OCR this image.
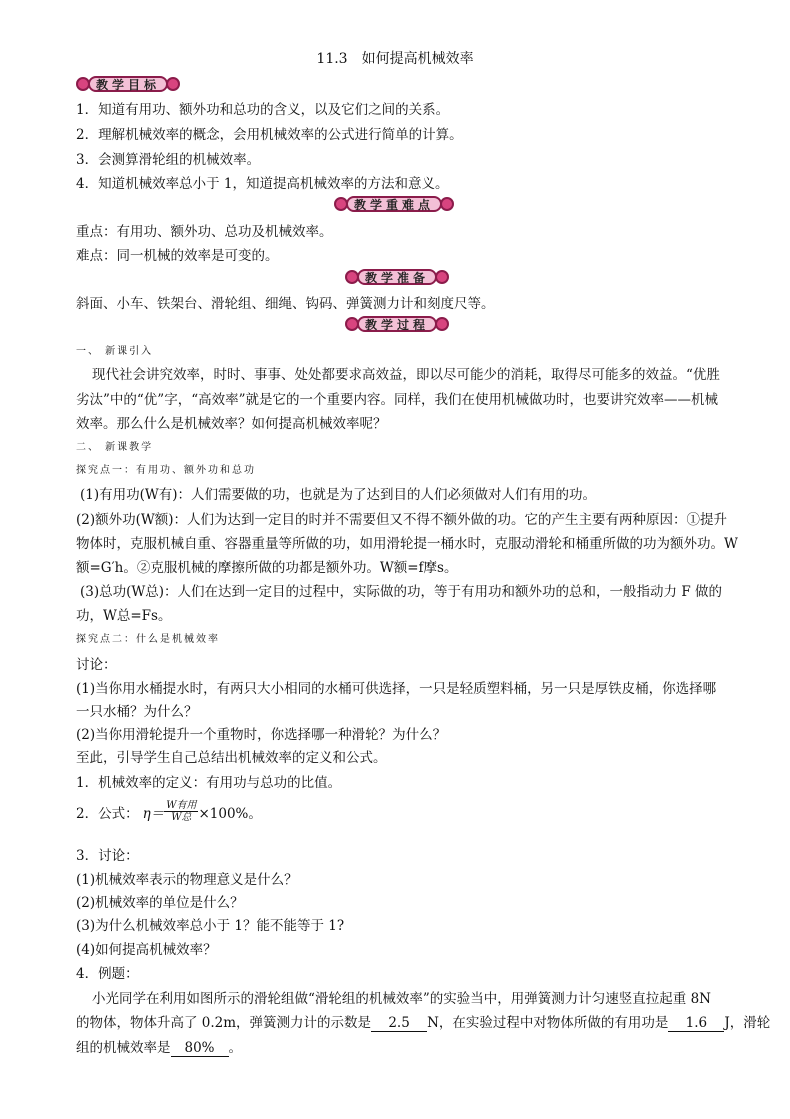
11.3　如何提高机械效率
教学目标
1．知道有用功、额外功和总功的含义，以及它们之间的关系。
2．理解机械效率的概念，会用机械效率的公式进行简单的计算。
3．会测算滑轮组的机械效率。
4．知道机械效率总小于 1，知道提高机械效率的方法和意义。
教学重难点
重点：有用功、额外功、总功及机械效率。
难点：同一机械的效率是可变的。
教学准备
斜面、小车、铁架台、滑轮组、细绳、钩码、弹簧测力计和刻度尺等。
教学过程
一、 新课引入
现代社会讲究效率，时时、事事、处处都要求高效益，即以尽可能少的消耗，取得尽可能多的效益。“优胜
劣汰”中的“优”字，“高效率”就是它的一个重要内容。同样，我们在使用机械做功时，也要讲究效率——机械
效率。那么什么是机械效率？如何提高机械效率呢？
二、 新课教学
探究点一：有用功、额外功和总功
(1)有用功(W有)：人们需要做的功，也就是为了达到目的人们必须做对人们有用的功。
(2)额外功(W额)：人们为达到一定目的时并不需要但又不得不额外做的功。它的产生主要有两种原因：①提升
物体时，克服机械自重、容器重量等所做的功，如用滑轮提一桶水时，克服动滑轮和桶重所做的功为额外功。W
额=G′h。②克服机械的摩擦所做的功都是额外功。W额=f摩s。
(3)总功(W总)：人们在达到一定目的过程中，实际做的功，等于有用功和额外功的总和，一般指动力 F 做的
功，W总=Fs。
探究点二：什么是机械效率
讨论：
(1)当你用水桶提水时，有两只大小相同的水桶可供选择，一只是轻质塑料桶，另一只是厚铁皮桶，你选择哪
一只水桶？为什么？
(2)当你用滑轮提升一个重物时，你选择哪一种滑轮？为什么？
至此，引导学生自己总结出机械效率的定义和公式。
1．机械效率的定义：有用功与总功的比值。
2．公式： $\eta= \frac{\text{W有用}}{\text{W总}} \times 100\%$。
3．讨论：
(1)机械效率表示的物理意义是什么？
(2)机械效率的单位是什么？
(3)为什么机械效率总小于 1？能不能等于 1?
(4)如何提高机械效率？
4．例题：
小光同学在利用如图所示的滑轮组做“滑轮组的机械效率”的实验当中，用弹簧测力计匀速竖直拉起重 8N
的物体，物体升高了 0.2m，弹簧测力计的示数是 2.5 N，在实验过程中对物体所做的有用功是 1.6 J，滑轮
组的机械效率是 80% 。
